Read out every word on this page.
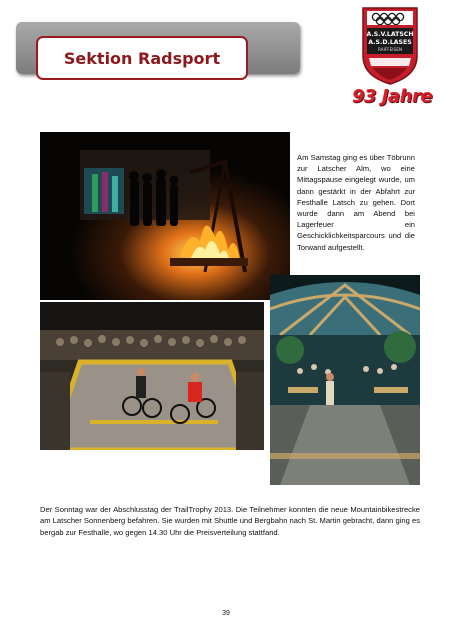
Sektion Radsport
A.S.V.LATSCH
A.S.D.LASES
RAIFFEISEN
93 Jahre
Am Samstag ging es über Töbrunn zur Latscher Alm, wo eine Mittagspause eingelegt wurde, um dann gestärkt in der Abfahrt zur Festhalle Latsch zu gehen. Dort wurde dann am Abend bei Lagerfeuer ein Geschicklichkeitsparcours und die Torwand aufgestellt.
Der Sonntag war der Abschlusstag der TrailTrophy 2013. Die Teilnehmer konnten die neue Mountainbikestrecke am Latscher Sonnenberg befahren. Sie wurden mit Shuttle und Bergbahn nach St. Martin gebracht, dann ging es bergab zur Festhalle, wo gegen 14.30 Uhr die Preisverteilung stattfand.
39
